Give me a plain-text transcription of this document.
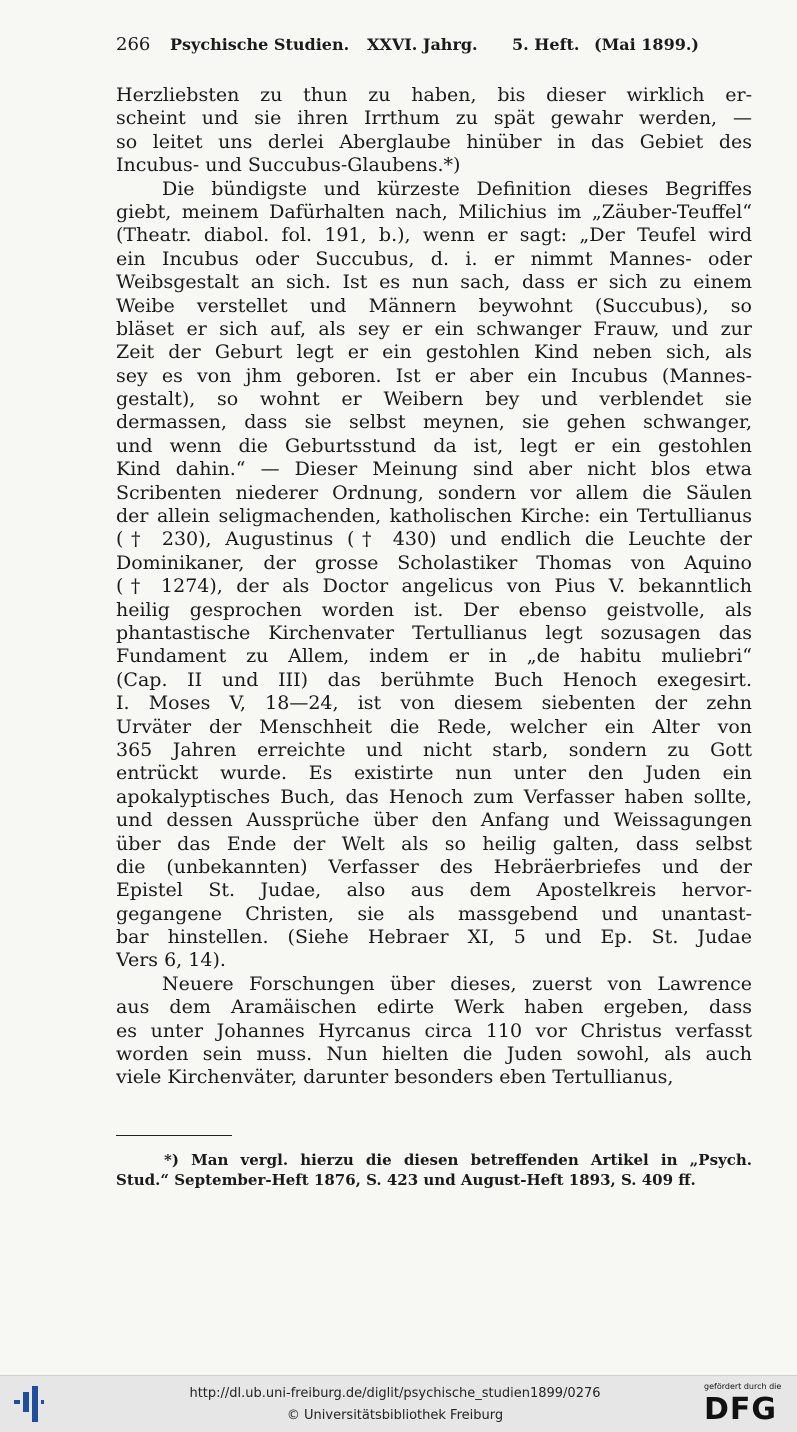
266 Psychische Studien. XXVI. Jahrg. 5. Heft. (Mai 1899.)
Herzliebsten zu thun zu haben, bis dieser wirklich er-
scheint und sie ihren Irrthum zu spät gewahr werden, —
so leitet uns derlei Aberglaube hinüber in das Gebiet des
Incubus- und Succubus-Glaubens.*)
Die bündigste und kürzeste Definition dieses Begriffes
giebt, meinem Dafürhalten nach, Milichius im „Zäuber-Teuffel“
(Theatr. diabol. fol. 191, b.), wenn er sagt: „Der Teufel wird
ein Incubus oder Succubus, d. i. er nimmt Mannes- oder
Weibsgestalt an sich. Ist es nun sach, dass er sich zu einem
Weibe verstellet und Männern beywohnt (Succubus), so
bläset er sich auf, als sey er ein schwanger Frauw, und zur
Zeit der Geburt legt er ein gestohlen Kind neben sich, als
sey es von jhm geboren. Ist er aber ein Incubus (Mannes-
gestalt), so wohnt er Weibern bey und verblendet sie
dermassen, dass sie selbst meynen, sie gehen schwanger,
und wenn die Geburtsstund da ist, legt er ein gestohlen
Kind dahin.“ — Dieser Meinung sind aber nicht blos etwa
Scribenten niederer Ordnung, sondern vor allem die Säulen
der allein seligmachenden, katholischen Kirche: ein Tertullianus
(† 230), Augustinus († 430) und endlich die Leuchte der
Dominikaner, der grosse Scholastiker Thomas von Aquino
(† 1274), der als Doctor angelicus von Pius V. bekanntlich
heilig gesprochen worden ist. Der ebenso geistvolle, als
phantastische Kirchenvater Tertullianus legt sozusagen das
Fundament zu Allem, indem er in „de habitu muliebri“
(Cap. II und III) das berühmte Buch Henoch exegesirt.
I. Moses V, 18—24, ist von diesem siebenten der zehn
Urväter der Menschheit die Rede, welcher ein Alter von
365 Jahren erreichte und nicht starb, sondern zu Gott
entrückt wurde. Es existirte nun unter den Juden ein
apokalyptisches Buch, das Henoch zum Verfasser haben sollte,
und dessen Aussprüche über den Anfang und Weissagungen
über das Ende der Welt als so heilig galten, dass selbst
die (unbekannten) Verfasser des Hebräerbriefes und der
Epistel St. Judae, also aus dem Apostelkreis hervor-
gegangene Christen, sie als massgebend und unantast-
bar hinstellen. (Siehe Hebraer XI, 5 und Ep. St. Judae
Vers 6, 14).
Neuere Forschungen über dieses, zuerst von Lawrence
aus dem Aramäischen edirte Werk haben ergeben, dass
es unter Johannes Hyrcanus circa 110 vor Christus verfasst
worden sein muss. Nun hielten die Juden sowohl, als auch
viele Kirchenväter, darunter besonders eben Tertullianus,
*) Man vergl. hierzu die diesen betreffenden Artikel in „Psych.
Stud.“ September-Heft 1876, S. 423 und August-Heft 1893, S. 409 ff.
http://dl.ub.uni-freiburg.de/diglit/psychische_studien1899/0276
© Universitätsbibliothek Freiburg
gefördert durch die
DFG
